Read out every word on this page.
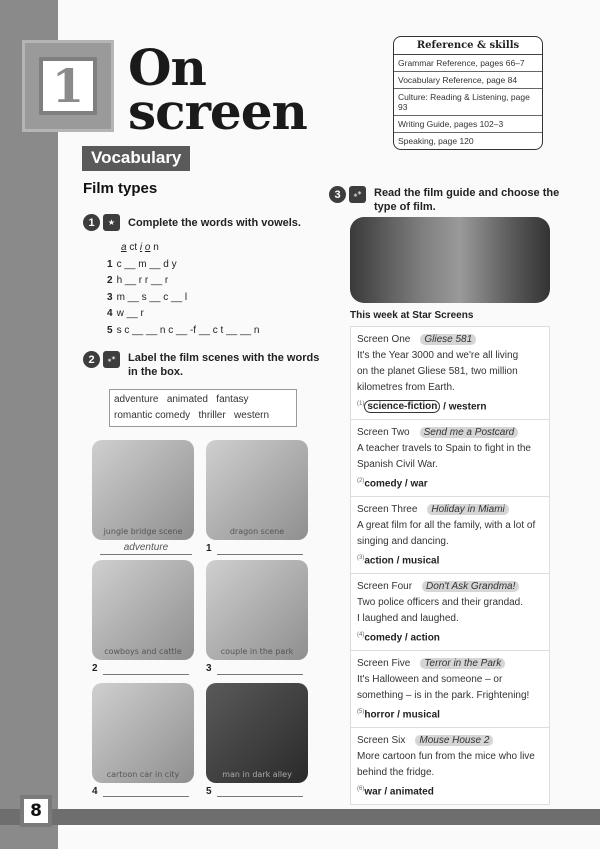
1 On
screen
Reference & skills
Grammar Reference, pages 66–7
Vocabulary Reference, page 84
Culture: Reading & Listening, page 93
Writing Guide, pages 102–3
Speaking, page 120
Vocabulary
Film types
1	★	Complete the words with vowels.
a ct i o n
1 c __ m __ d y
2 h __ r r __ r
3 m __ s __ c __ l
4 w __ r
5 s c __ __ n c __ -f __ c t __ __ n
2	⁎*	Label the film scenes with the words
in the box.
adventure   animated   fantasy
romantic comedy   thriller   western
jungle bridge scene	dragon scene
adventure	1
cowboys and cattle	couple in the park
2	3
cartoon car in city	man in dark alley
4	5
3	⁎*	Read the film guide and choose the
type of film.
This week at Star Screens
Screen One Gliese 581
It's the Year 3000 and we're all living
on the planet Gliese 581, two million
kilometres from Earth.
$^{(1)}$ science-fiction / western
Screen Two Send me a Postcard
A teacher travels to Spain to fight in the
Spanish Civil War.
$^{(2)}$comedy / war
Screen Three Holiday in Miami
A great film for all the family, with a lot of
singing and dancing.
$^{(3)}$action / musical
Screen Four Don't Ask Grandma!
Two police officers and their grandad.
I laughed and laughed.
$^{(4)}$comedy / action
Screen Five Terror in the Park
It's Halloween and someone – or
something – is in the park. Frightening!
$^{(5)}$horror / musical
Screen Six Mouse House 2
More cartoon fun from the mice who live
behind the fridge.
$^{(6)}$war / animated
8
